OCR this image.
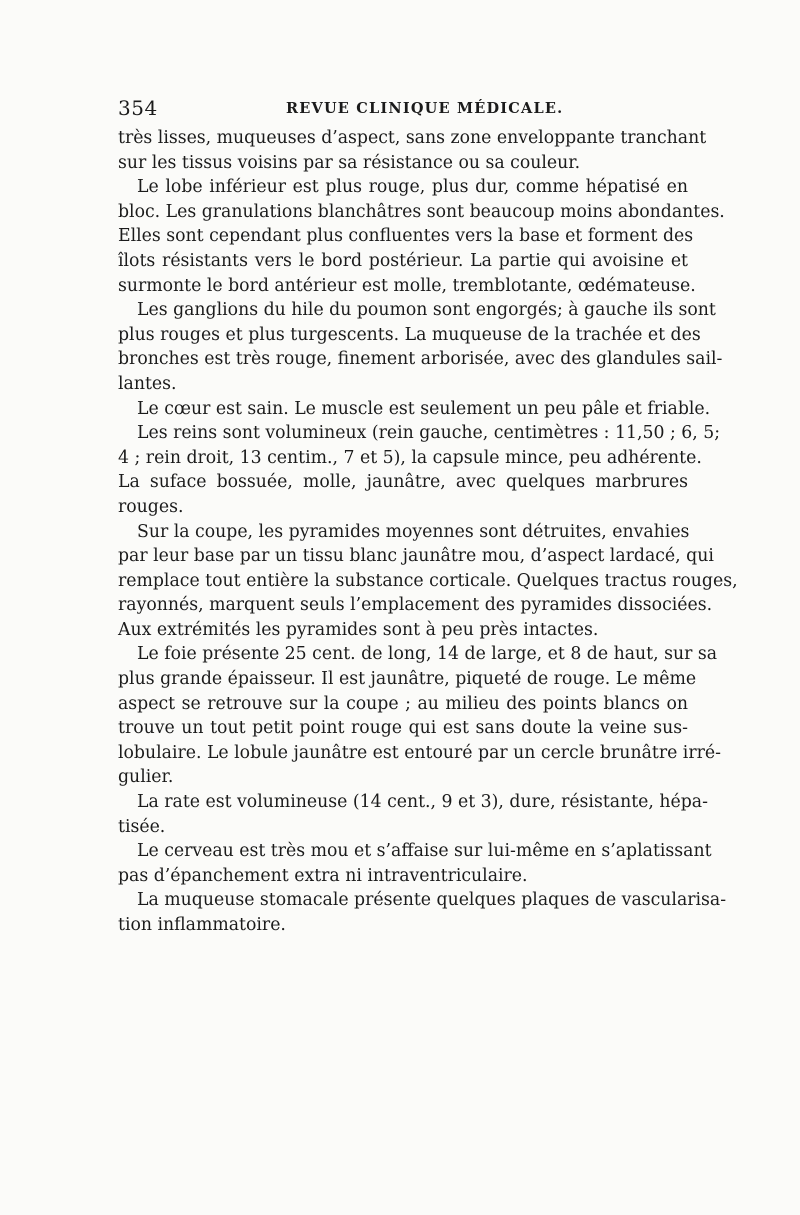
354	REVUE CLINIQUE MÉDICALE.
très lisses, muqueuses d’aspect, sans zone enveloppante tranchant
sur les tissus voisins par sa résistance ou sa couleur.
Le lobe inférieur est plus rouge, plus dur, comme hépatisé en
bloc. Les granulations blanchâtres sont beaucoup moins abondantes.
Elles sont cependant plus confluentes vers la base et forment des
îlots résistants vers le bord postérieur. La partie qui avoisine et
surmonte le bord antérieur est molle, tremblotante, œdémateuse.
Les ganglions du hile du poumon sont engorgés; à gauche ils sont
plus rouges et plus turgescents. La muqueuse de la trachée et des
bronches est très rouge, finement arborisée, avec des glandules sail-
lantes.
Le cœur est sain. Le muscle est seulement un peu pâle et friable.
Les reins sont volumineux (rein gauche, centimètres : 11,50 ; 6, 5;
4 ; rein droit, 13 centim., 7 et 5), la capsule mince, peu adhérente.
La suface bossuée, molle, jaunâtre, avec quelques marbrures
rouges.
Sur la coupe, les pyramides moyennes sont détruites, envahies
par leur base par un tissu blanc jaunâtre mou, d’aspect lardacé, qui
remplace tout entière la substance corticale. Quelques tractus rouges,
rayonnés, marquent seuls l’emplacement des pyramides dissociées.
Aux extrémités les pyramides sont à peu près intactes.
Le foie présente 25 cent. de long, 14 de large, et 8 de haut, sur sa
plus grande épaisseur. Il est jaunâtre, piqueté de rouge. Le même
aspect se retrouve sur la coupe ; au milieu des points blancs on
trouve un tout petit point rouge qui est sans doute la veine sus-
lobulaire. Le lobule jaunâtre est entouré par un cercle brunâtre irré-
gulier.
La rate est volumineuse (14 cent., 9 et 3), dure, résistante, hépa-
tisée.
Le cerveau est très mou et s’affaise sur lui-même en s’aplatissant
pas d’épanchement extra ni intraventriculaire.
La muqueuse stomacale présente quelques plaques de vascularisa-
tion inflammatoire.
